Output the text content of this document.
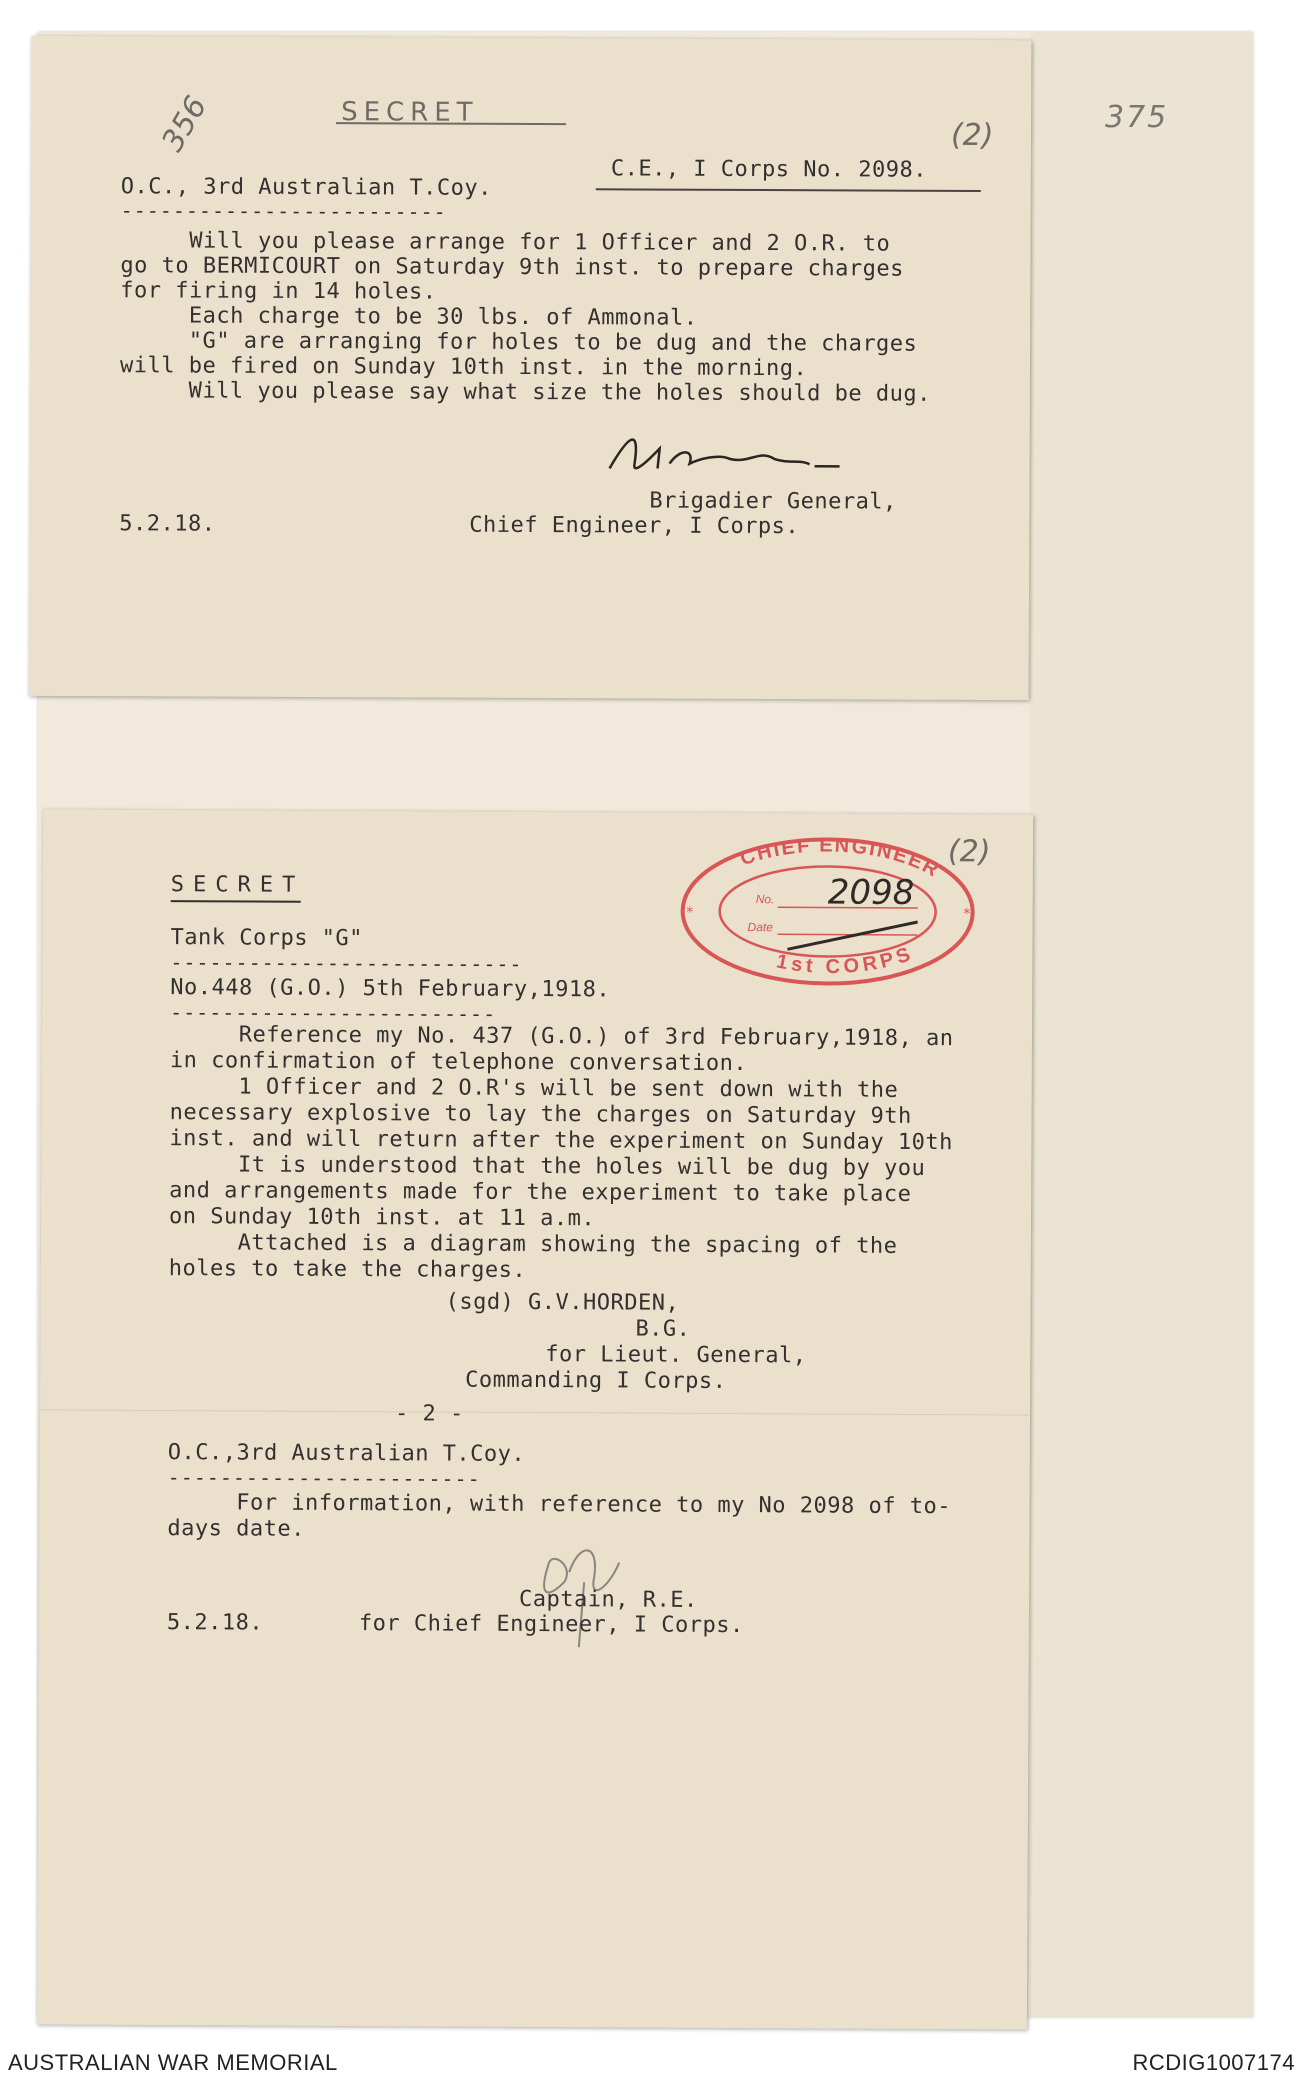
375
356	SECRET
(2)
C.E., I Corps No. 2098.
O.C., 3rd Australian T.Coy.
-------------------------
Will you please arrange for 1 Officer and 2 O.R. to
go to BERMICOURT on Saturday 9th inst. to prepare charges
for firing in 14 holes.
Each charge to be 30 lbs. of Ammonal.
"G" are arranging for holes to be dug and the charges
will be fired on Sunday 10th inst. in the morning.
Will you please say what size the holes should be dug.
Brigadier General,
Chief Engineer, I Corps.
5.2.18.
(2)
CHIEF ENGINEER
1st CORPS
No.
Date
2098
*	*
SECRET
Tank Corps "G"
---------------------------
No.448 (G.O.) 5th February,1918.
-------------------------
Reference my No. 437 (G.O.) of 3rd February,1918, an
in confirmation of telephone conversation.
1 Officer and 2 O.R's will be sent down with the
necessary explosive to lay the charges on Saturday 9th
inst. and will return after the experiment on Sunday 10th
It is understood that the holes will be dug by you
and arrangements made for the experiment to take place
on Sunday 10th inst. at 11 a.m.
Attached is a diagram showing the spacing of the
holes to take the charges.
(sgd) G.V.HORDEN,
B.G.
for Lieut. General,
Commanding I Corps.
- 2 -
O.C.,3rd Australian T.Coy.
------------------------
For information, with reference to my No 2098 of to-
days date.
Captain, R.E.
for Chief Engineer, I Corps.
5.2.18.
AUSTRALIAN WAR MEMORIAL	RCDIG1007174
